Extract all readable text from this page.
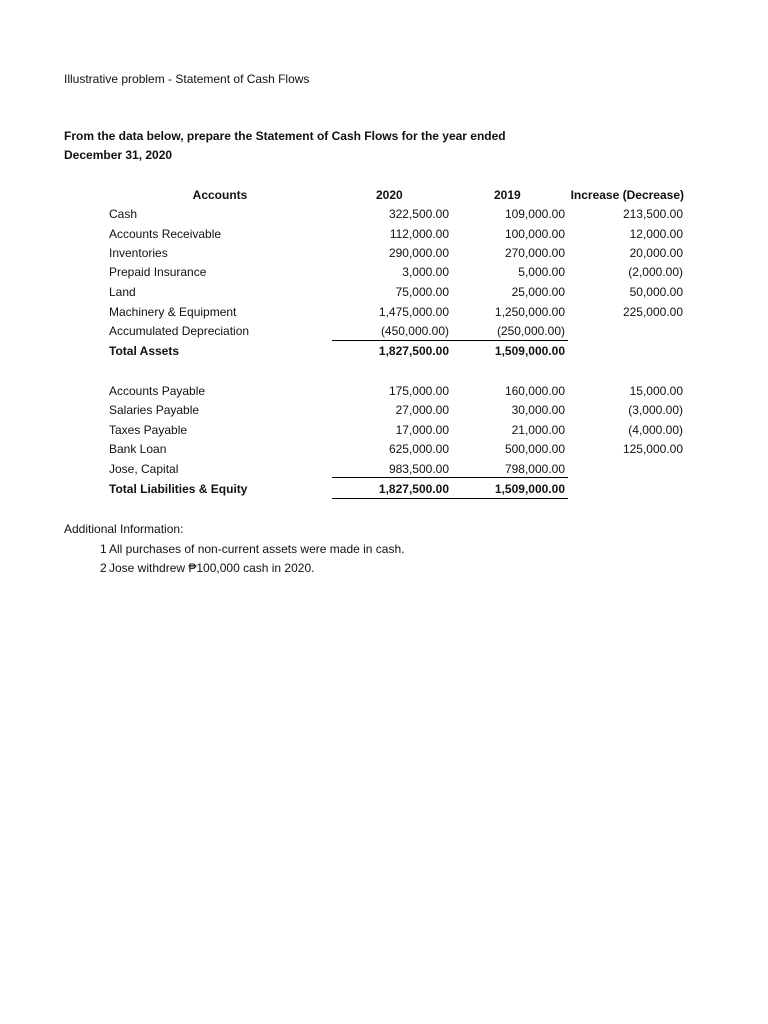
Illustrative problem - Statement of Cash Flows
From the data below, prepare the Statement of Cash Flows for the year ended
December 31, 2020
Accounts	2020	2019	Increase (Decrease)
Cash	322,500.00	109,000.00	213,500.00
Accounts Receivable	112,000.00	100,000.00	12,000.00
Inventories	290,000.00	270,000.00	20,000.00
Prepaid Insurance	3,000.00	5,000.00	(2,000.00)
Land	75,000.00	25,000.00	50,000.00
Machinery & Equipment	1,475,000.00	1,250,000.00	225,000.00
Accumulated Depreciation	(450,000.00)	(250,000.00)
Total Assets	1,827,500.00	1,509,000.00
Accounts Payable	175,000.00	160,000.00	15,000.00
Salaries Payable	27,000.00	30,000.00	(3,000.00)
Taxes Payable	17,000.00	21,000.00	(4,000.00)
Bank Loan	625,000.00	500,000.00	125,000.00
Jose, Capital	983,500.00	798,000.00
Total Liabilities & Equity	1,827,500.00	1,509,000.00
Additional Information:
1 All purchases of non-current assets were made in cash.
2 Jose withdrew ₱100,000 cash in 2020.
